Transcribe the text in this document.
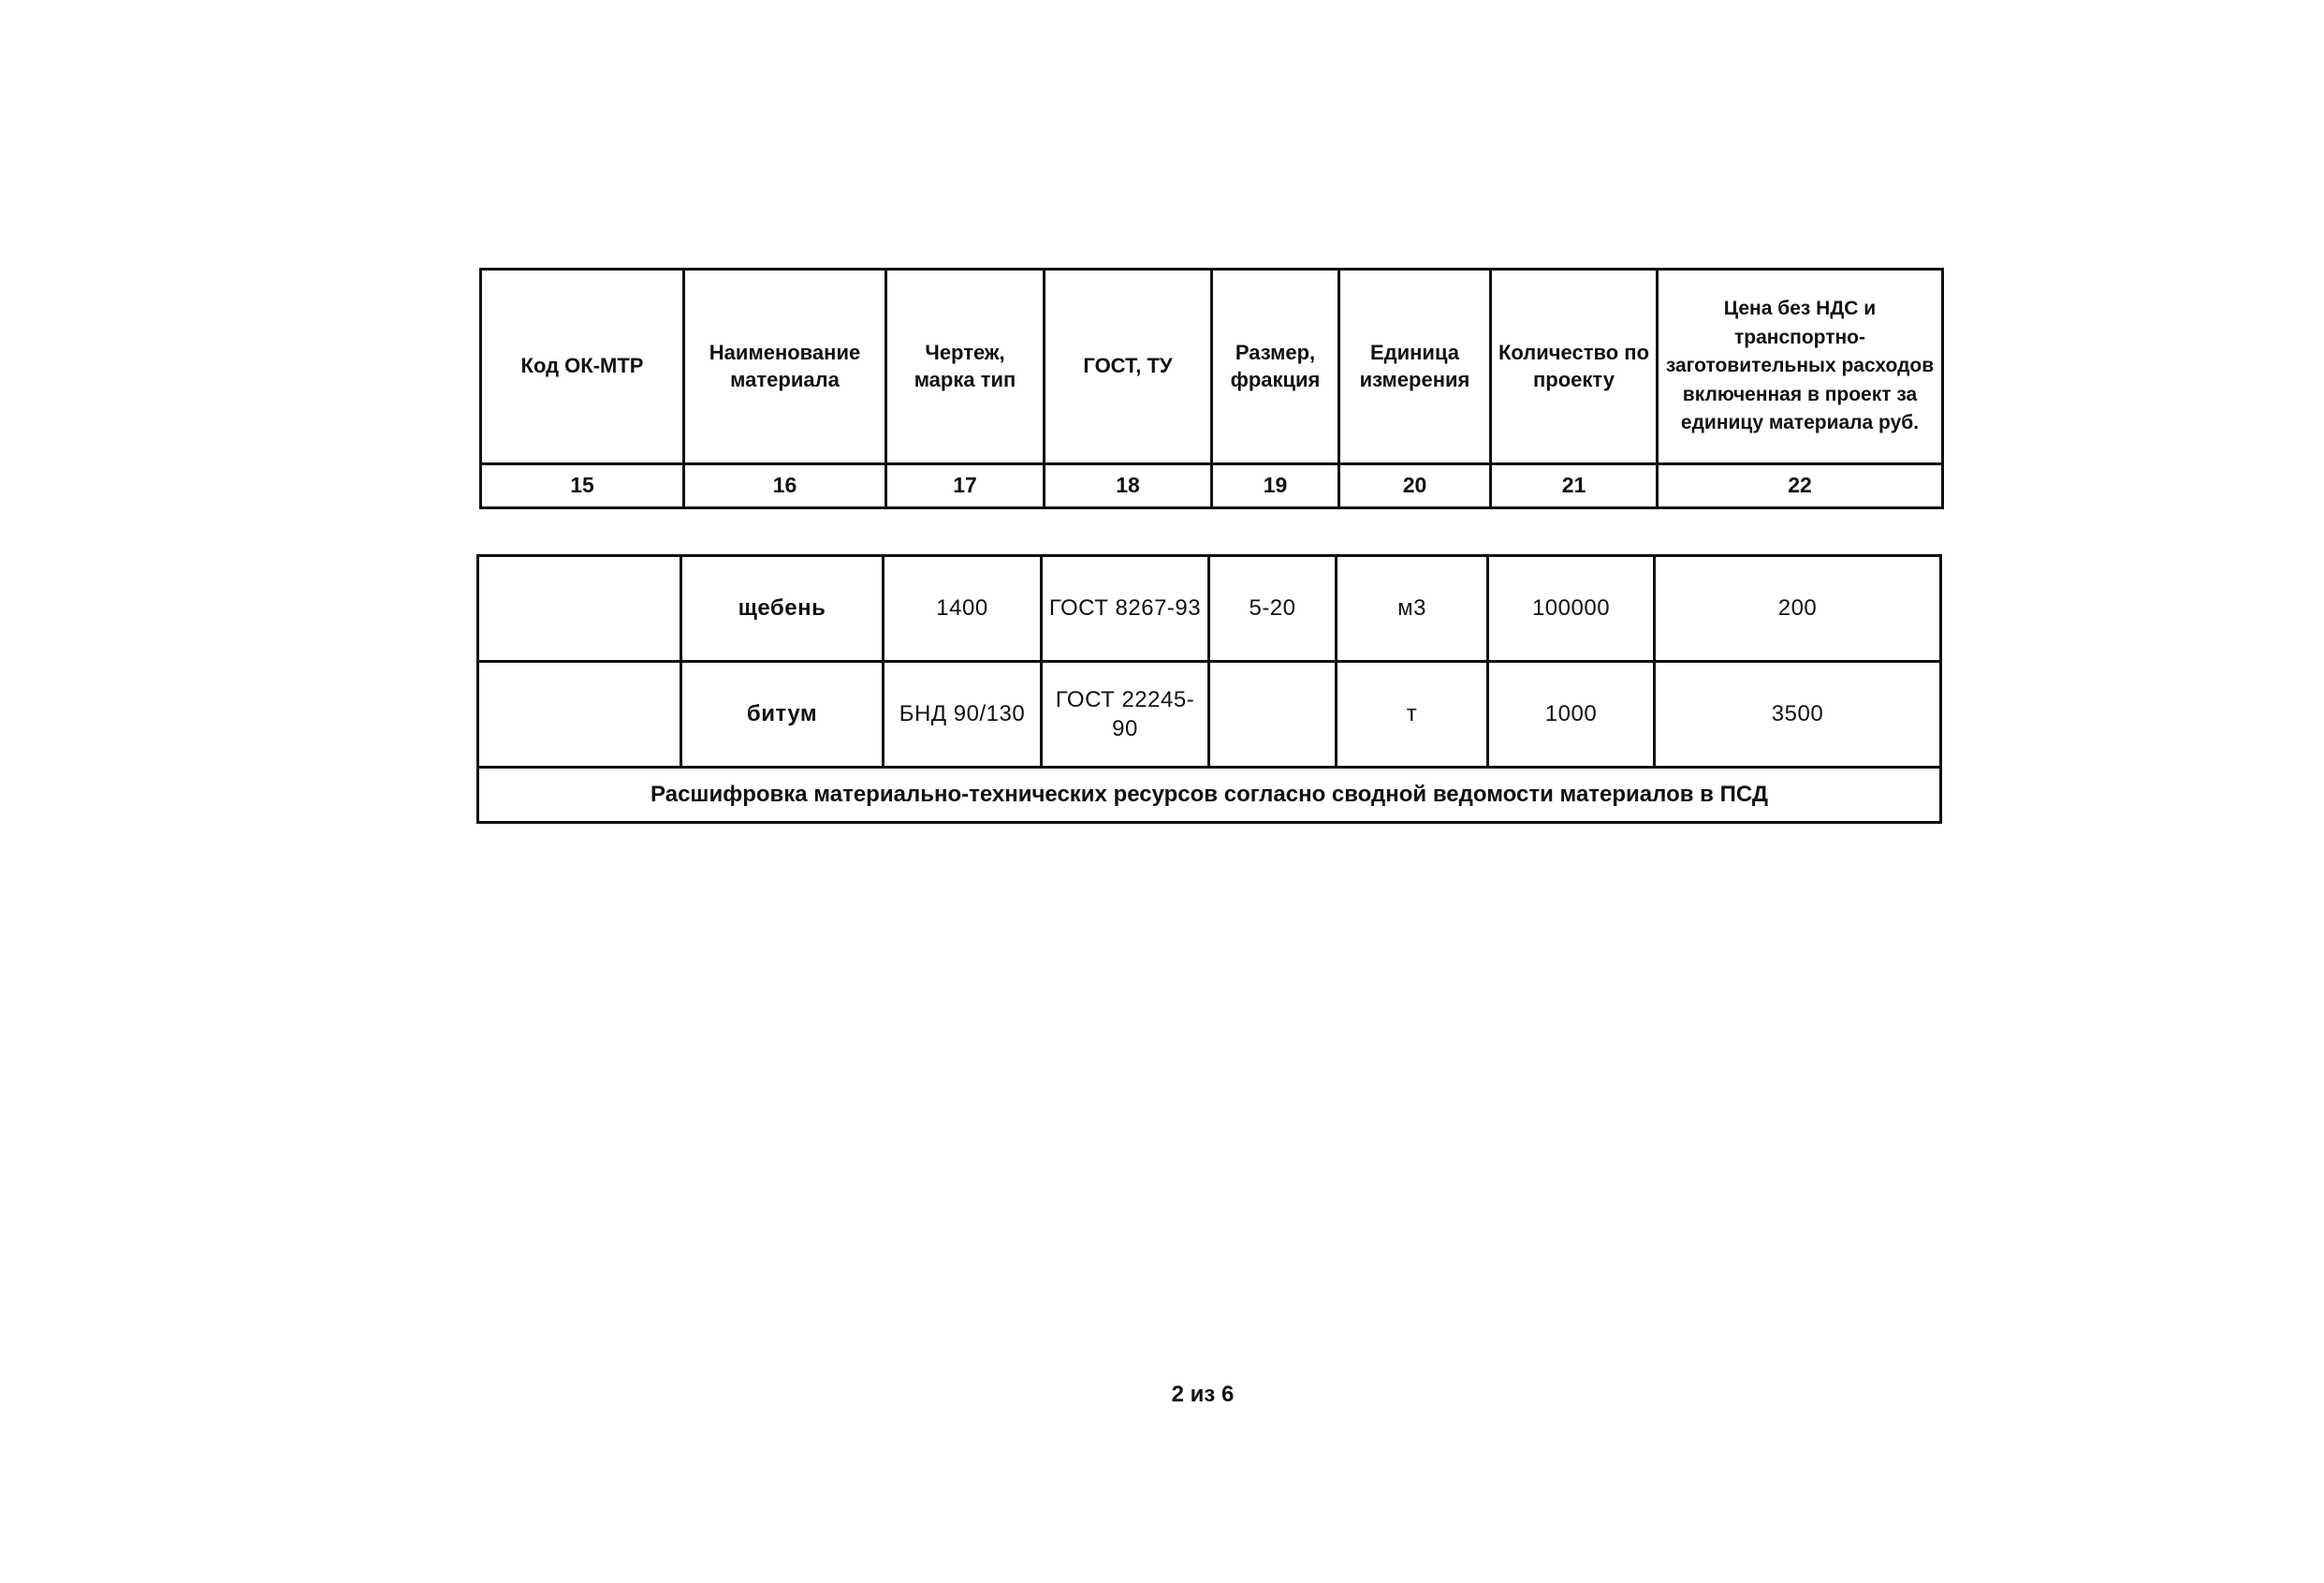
Код ОК-МТР	Наименование материала	Чертеж, марка тип	ГОСТ, ТУ	Размер, фракция	Единица измерения	Количество по проекту	Цена без НДС и транспортно-заготовительных расходов включенная в проект за единицу материала руб.
15	16	17	18	19	20	21	22
	щебень	1400	ГОСТ 8267-93	5-20	м3	100000	200
	битум	БНД 90/130	ГОСТ 22245-90		т	1000	3500
Расшифровка материально-технических ресурсов согласно сводной ведомости материалов в ПСД							
2 из 6
